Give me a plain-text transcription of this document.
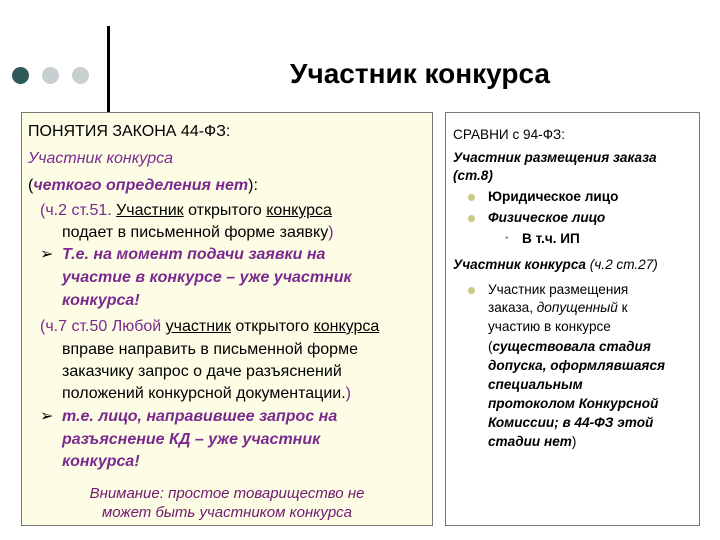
Участник конкурса
ПОНЯТИЯ ЗАКОНА 44-ФЗ:
Участник конкурса
(четкого определения нет):
(ч.2 ст.51. Участник открытого конкурса
подает в письменной форме заявку)
➢ Т.е. на момент подачи заявки на
участие в конкурсе – уже участник
конкурса!
(ч.7 ст.50 Любой участник открытого конкурса
вправе направить в письменной форме
заказчику запрос о даче разъяснений
положений конкурсной документации.)
➢ т.е. лицо, направившее запрос на
разъяснение КД – уже участник
конкурса!
Внимание: простое товарищество не
может быть участником конкурса
СРАВНИ с 94-ФЗ:
Участник размещения заказа
(ст.8)
Юридическое лицо
Физическое лицо
• В т.ч. ИП
Участник конкурса (ч.2 ст.27)
Участник размещения
заказа, допущенный к
участию в конкурсе
(существовала стадия
допуска, оформлявшаяся
специальным
протоколом Конкурсной
Комиссии; в 44-ФЗ этой
стадии нет)
